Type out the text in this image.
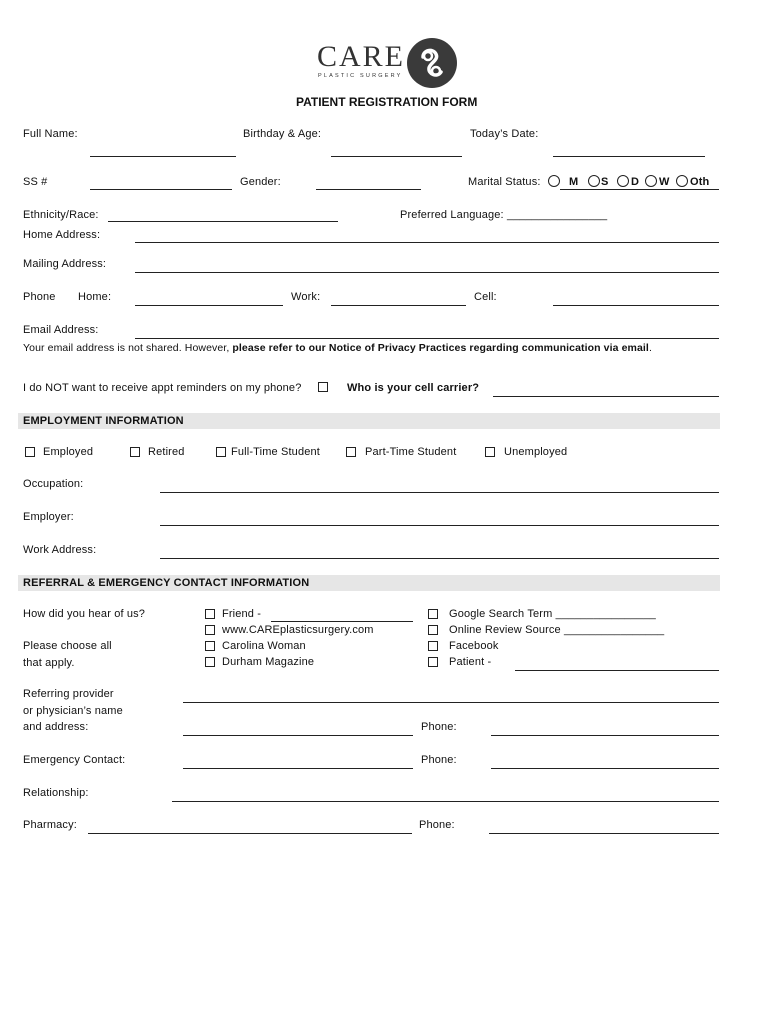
CARE
PLASTIC SURGERY
PATIENT REGISTRATION FORM
Full Name:	Birthday & Age:	Today’s Date:
SS #	Gender:	Marital Status:	M S D W Oth
Ethnicity/Race:	Preferred Language: ________________
Home Address:
Mailing Address:
Phone Home:	Work:	Cell:
Email Address:
Your email address is not shared. However, please refer to our Notice of Privacy Practices regarding communication via email.
I do NOT want to receive appt reminders on my phone?	Who is your cell carrier?
EMPLOYMENT INFORMATION
Employed	Retired	Full-Time Student	Part-Time Student	Unemployed
Occupation:
Employer:
Work Address:
REFERRAL & EMERGENCY CONTACT INFORMATION
How did you hear of us?
Please choose all
that apply.
Friend -
www.CAREplasticsurgery.com
Carolina Woman
Durham Magazine
Google Search Term ________________
Online Review Source ________________
Facebook
Patient -
Referring provider
or physician’s name
and address:	Phone:
Emergency Contact:	Phone:
Relationship:
Pharmacy:	Phone:
